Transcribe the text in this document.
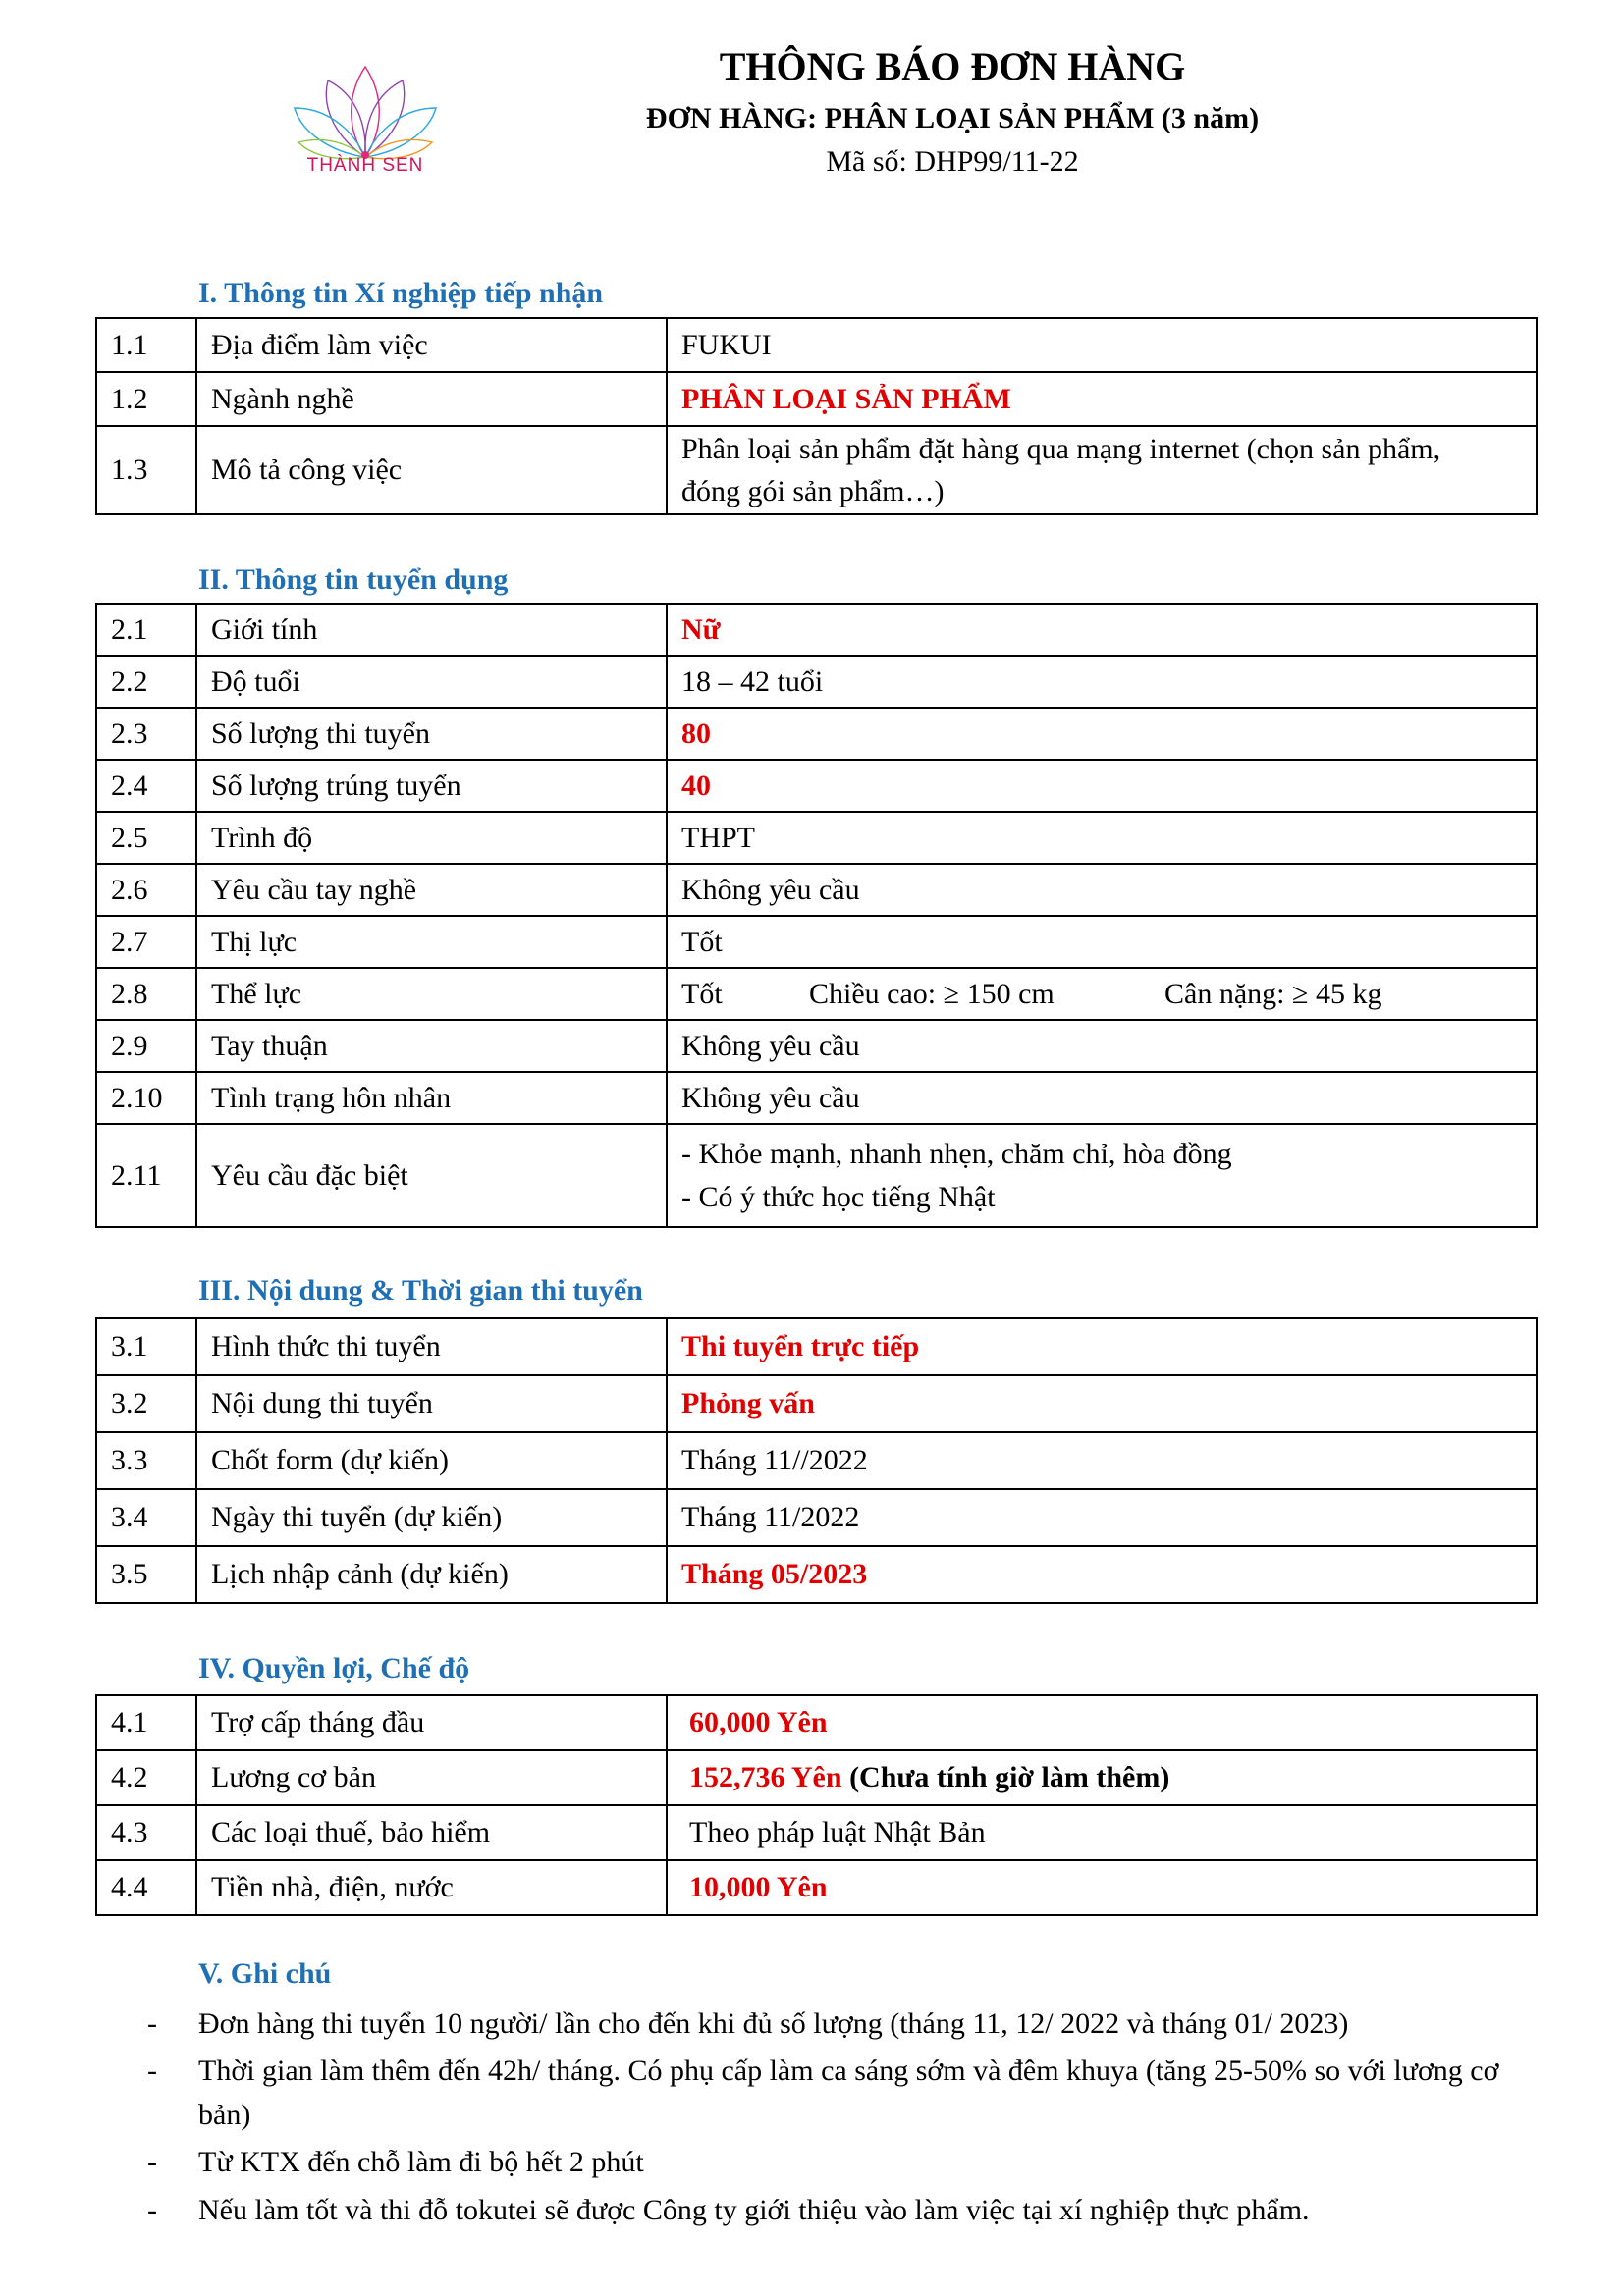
THÀNH SEN
THÔNG BÁO ĐƠN HÀNG
ĐƠN HÀNG: PHÂN LOẠI SẢN PHẨM (3 năm)
Mã số: DHP99/11-22
I. Thông tin Xí nghiệp tiếp nhận
1.1	Địa điểm làm việc	FUKUI
1.2	Ngành nghề	PHÂN LOẠI SẢN PHẨM
1.3	Mô tả công việc	Phân loại sản phẩm đặt hàng qua mạng internet (chọn sản phẩm, đóng gói sản phẩm…)
II. Thông tin tuyển dụng
2.1	Giới tính	Nữ
2.2	Độ tuổi	18 – 42 tuổi
2.3	Số lượng thi tuyển	80
2.4	Số lượng trúng tuyển	40
2.5	Trình độ	THPT
2.6	Yêu cầu tay nghề	Không yêu cầu
2.7	Thị lực	Tốt
2.8	Thể lực	Tốt Chiều cao: ≥ 150 cm Cân nặng: ≥ 45 kg
2.9	Tay thuận	Không yêu cầu
2.10	Tình trạng hôn nhân	Không yêu cầu
2.11	Yêu cầu đặc biệt	- Khỏe mạnh, nhanh nhẹn, chăm chỉ, hòa đồng
- Có ý thức học tiếng Nhật
III. Nội dung & Thời gian thi tuyển
3.1	Hình thức thi tuyển	Thi tuyển trực tiếp
3.2	Nội dung thi tuyển	Phỏng vấn
3.3	Chốt form (dự kiến)	Tháng 11//2022
3.4	Ngày thi tuyển (dự kiến)	Tháng 11/2022
3.5	Lịch nhập cảnh (dự kiến)	Tháng 05/2023
IV. Quyền lợi, Chế độ
4.1	Trợ cấp tháng đầu	60,000 Yên
4.2	Lương cơ bản	152,736 Yên (Chưa tính giờ làm thêm)
4.3	Các loại thuế, bảo hiểm	Theo pháp luật Nhật Bản
4.4	Tiền nhà, điện, nước	10,000 Yên
V. Ghi chú
-	Đơn hàng thi tuyển 10 người/ lần cho đến khi đủ số lượng (tháng 11, 12/ 2022 và tháng 01/ 2023)
-	Thời gian làm thêm đến 42h/ tháng. Có phụ cấp làm ca sáng sớm và đêm khuya (tăng 25-50% so với lương cơ bản)
-	Từ KTX đến chỗ làm đi bộ hết 2 phút
-	Nếu làm tốt và thi đỗ tokutei sẽ được Công ty giới thiệu vào làm việc tại xí nghiệp thực phẩm.
